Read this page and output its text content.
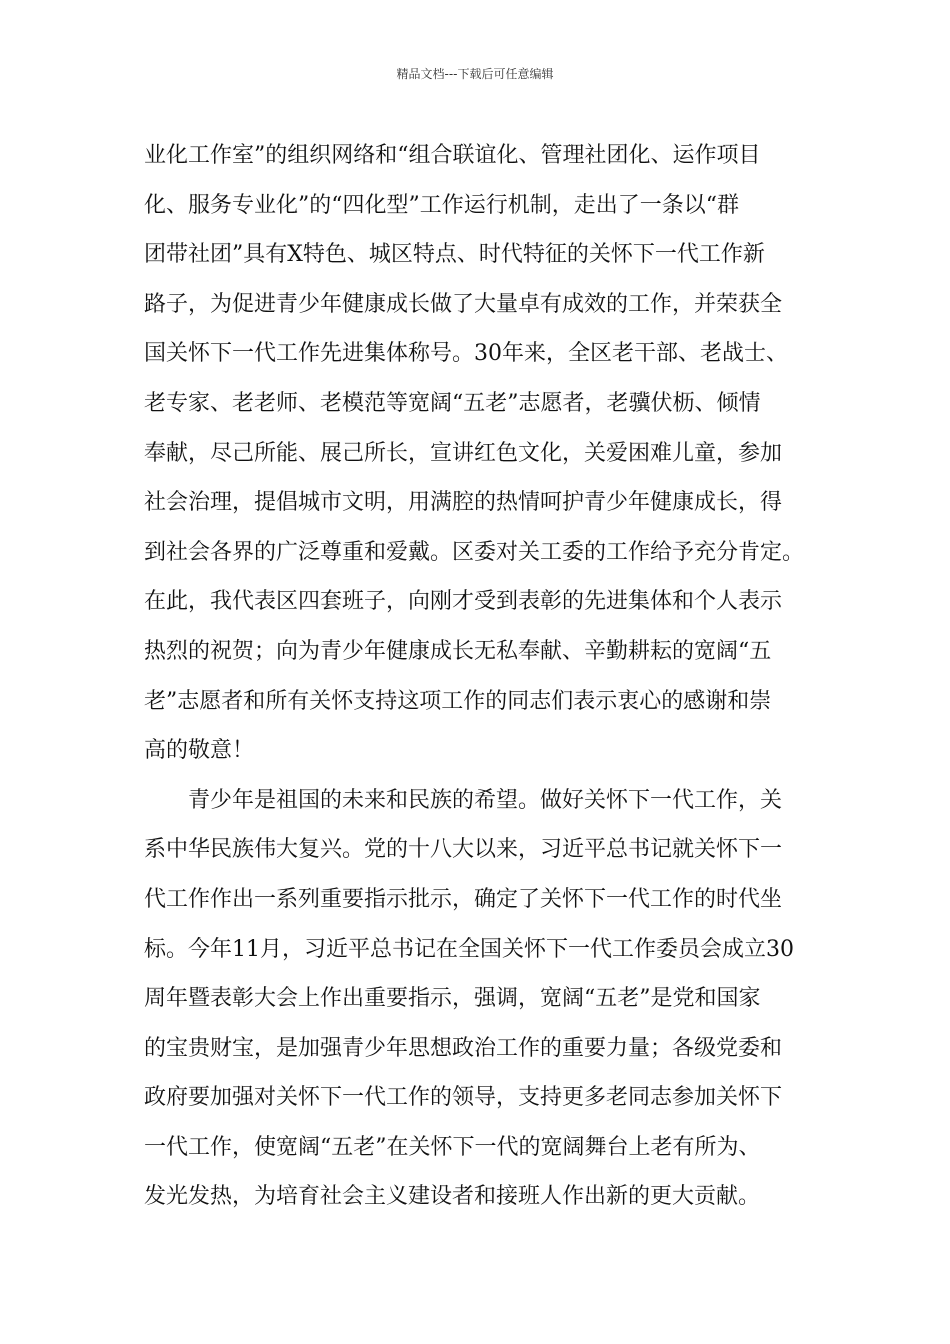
精品文档---下载后可任意编辑
业化工作室”的组织网络和“组合联谊化、管理社团化、运作项目
化、服务专业化”的“四化型”工作运行机制，走出了一条以“群
团带社团”具有X特色、城区特点、时代特征的关怀下一代工作新
路子，为促进青少年健康成长做了大量卓有成效的工作，并荣获全
国关怀下一代工作先进集体称号。30年来，全区老干部、老战士、
老专家、老老师、老模范等宽阔“五老”志愿者，老骥伏枥、倾情
奉献，尽己所能、展己所长，宣讲红色文化，关爱困难儿童，参加
社会治理，提倡城市文明，用满腔的热情呵护青少年健康成长，得
到社会各界的广泛尊重和爱戴。区委对关工委的工作给予充分肯定。
在此，我代表区四套班子，向刚才受到表彰的先进集体和个人表示
热烈的祝贺；向为青少年健康成长无私奉献、辛勤耕耘的宽阔“五
老”志愿者和所有关怀支持这项工作的同志们表示衷心的感谢和崇
高的敬意！
青少年是祖国的未来和民族的希望。做好关怀下一代工作，关
系中华民族伟大复兴。党的十八大以来，习近平总书记就关怀下一
代工作作出一系列重要指示批示，确定了关怀下一代工作的时代坐
标。今年11月，习近平总书记在全国关怀下一代工作委员会成立30
周年暨表彰大会上作出重要指示，强调，宽阔“五老”是党和国家
的宝贵财宝，是加强青少年思想政治工作的重要力量；各级党委和
政府要加强对关怀下一代工作的领导，支持更多老同志参加关怀下
一代工作，使宽阔“五老”在关怀下一代的宽阔舞台上老有所为、
发光发热，为培育社会主义建设者和接班人作出新的更大贡献。
